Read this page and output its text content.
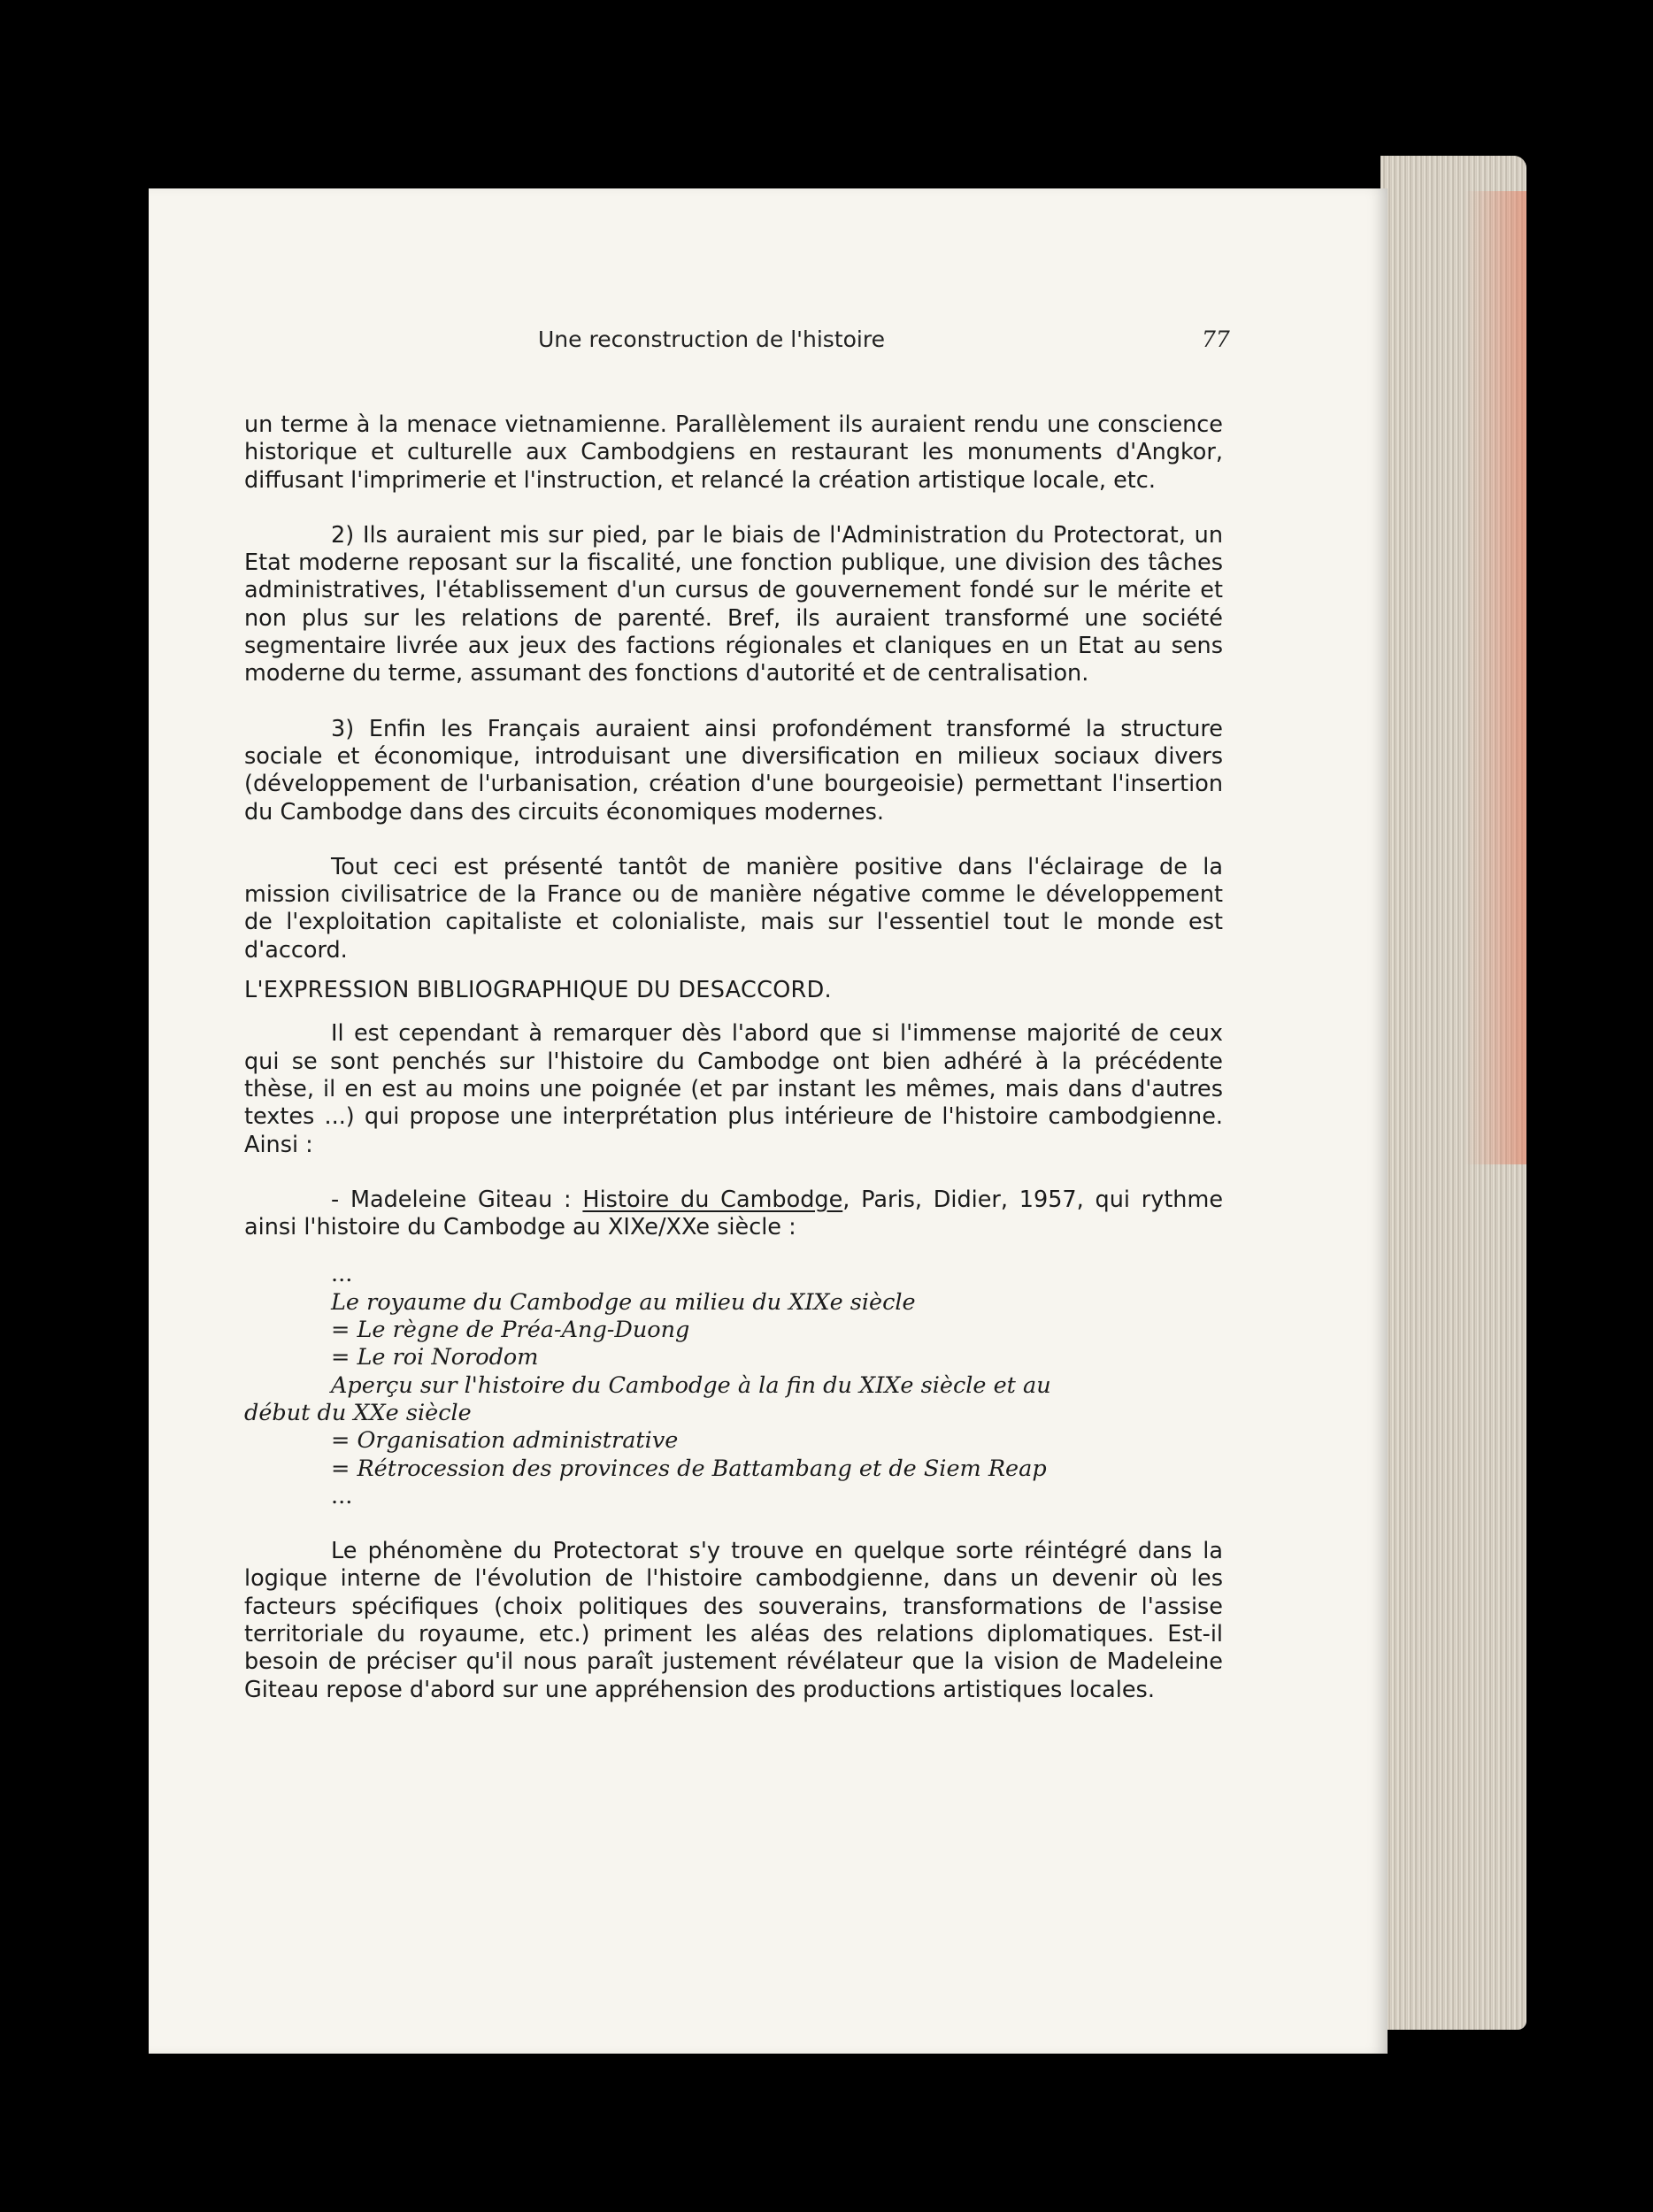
Une reconstruction de l'histoire	77

un terme à la menace vietnamienne. Parallèlement ils auraient rendu une conscience historique et culturelle aux Cambodgiens en restaurant les monuments d'Angkor, diffusant l'imprimerie et l'instruction, et relancé la création artistique locale, etc.

2) Ils auraient mis sur pied, par le biais de l'Administration du Protectorat, un Etat moderne reposant sur la fiscalité, une fonction publique, une division des tâches administratives, l'établissement d'un cursus de gouvernement fondé sur le mérite et non plus sur les relations de parenté. Bref, ils auraient transformé une société segmentaire livrée aux jeux des factions régionales et claniques en un Etat au sens moderne du terme, assumant des fonctions d'autorité et de centralisation.

3) Enfin les Français auraient ainsi profondément transformé la structure sociale et économique, introduisant une diversification en milieux sociaux divers (développement de l'urbanisation, création d'une bourgeoisie) permettant l'insertion du Cambodge dans des circuits économiques modernes.

Tout ceci est présenté tantôt de manière positive dans l'éclairage de la mission civilisatrice de la France ou de manière négative comme le développement de l'exploitation capitaliste et colonialiste, mais sur l'essentiel tout le monde est d'accord.

L'EXPRESSION BIBLIOGRAPHIQUE DU DESACCORD.

Il est cependant à remarquer dès l'abord que si l'immense majorité de ceux qui se sont penchés sur l'histoire du Cambodge ont bien adhéré à la précédente thèse, il en est au moins une poignée (et par instant les mêmes, mais dans d'autres textes ...) qui propose une interprétation plus intérieure de l'histoire cambodgienne. Ainsi :

- Madeleine Giteau : Histoire du Cambodge, Paris, Didier, 1957, qui rythme ainsi l'histoire du Cambodge au XIXe/XXe siècle :

...
Le royaume du Cambodge au milieu du XIXe siècle
= Le règne de Préa-Ang-Duong
= Le roi Norodom
Aperçu sur l'histoire du Cambodge à la fin du XIXe siècle et au
début du XXe siècle
= Organisation administrative
= Rétrocession des provinces de Battambang et de Siem Reap
...

Le phénomène du Protectorat s'y trouve en quelque sorte réintégré dans la logique interne de l'évolution de l'histoire cambodgienne, dans un devenir où les facteurs spécifiques (choix politiques des souverains, transformations de l'assise territoriale du royaume, etc.) priment les aléas des relations diplomatiques. Est-il besoin de préciser qu'il nous paraît justement révélateur que la vision de Madeleine Giteau repose d'abord sur une appréhension des productions artistiques locales.
